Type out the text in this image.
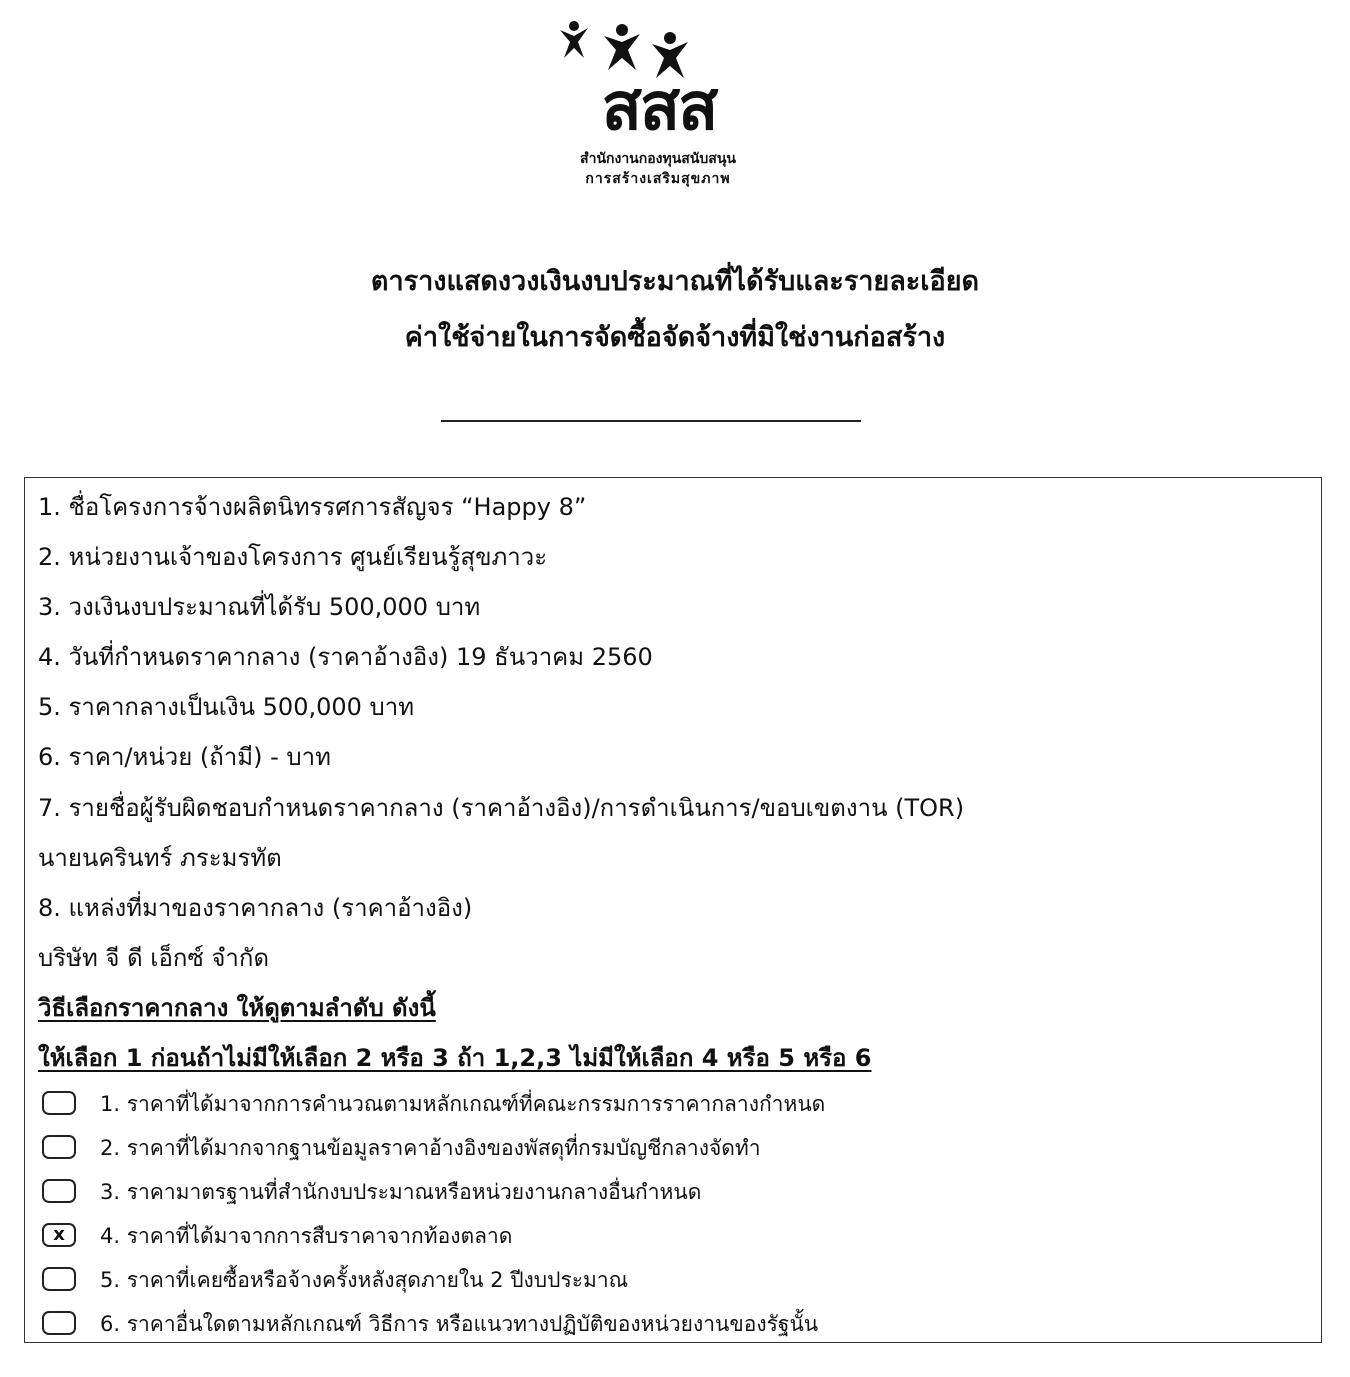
สสส
สำนักงานกองทุนสนับสนุน
การสร้างเสริมสุขภาพ
ตารางแสดงวงเงินงบประมาณที่ได้รับและรายละเอียด
ค่าใช้จ่ายในการจัดซื้อจัดจ้างที่มิใช่งานก่อสร้าง
1. ชื่อโครงการจ้างผลิตนิทรรศการสัญจร “Happy 8”
2. หน่วยงานเจ้าของโครงการ ศูนย์เรียนรู้สุขภาวะ
3. วงเงินงบประมาณที่ได้รับ 500,000 บาท
4. วันที่กำหนดราคากลาง (ราคาอ้างอิง) 19 ธันวาคม 2560
5. ราคากลางเป็นเงิน 500,000 บาท
6. ราคา/หน่วย (ถ้ามี) - บาท
7. รายชื่อผู้รับผิดชอบกำหนดราคากลาง (ราคาอ้างอิง)/การดำเนินการ/ขอบเขตงาน (TOR)
นายนครินทร์ ภระมรทัต
8. แหล่งที่มาของราคากลาง (ราคาอ้างอิง)
บริษัท จี ดี เอ็กซ์ จำกัด
วิธีเลือกราคากลาง ให้ดูตามลำดับ ดังนี้
ให้เลือก 1 ก่อนถ้าไม่มีให้เลือก 2 หรือ 3 ถ้า 1,2,3 ไม่มีให้เลือก 4 หรือ 5 หรือ 6
1. ราคาที่ได้มาจากการคำนวณตามหลักเกณฑ์ที่คณะกรรมการราคากลางกำหนด
2. ราคาที่ได้มากจากฐานข้อมูลราคาอ้างอิงของพัสดุที่กรมบัญชีกลางจัดทำ
3. ราคามาตรฐานที่สำนักงบประมาณหรือหน่วยงานกลางอื่นกำหนด
x	4. ราคาที่ได้มาจากการสืบราคาจากท้องตลาด
5. ราคาที่เคยซื้อหรือจ้างครั้งหลังสุดภายใน 2 ปีงบประมาณ
6. ราคาอื่นใดตามหลักเกณฑ์ วิธีการ หรือแนวทางปฏิบัติของหน่วยงานของรัฐนั้น
